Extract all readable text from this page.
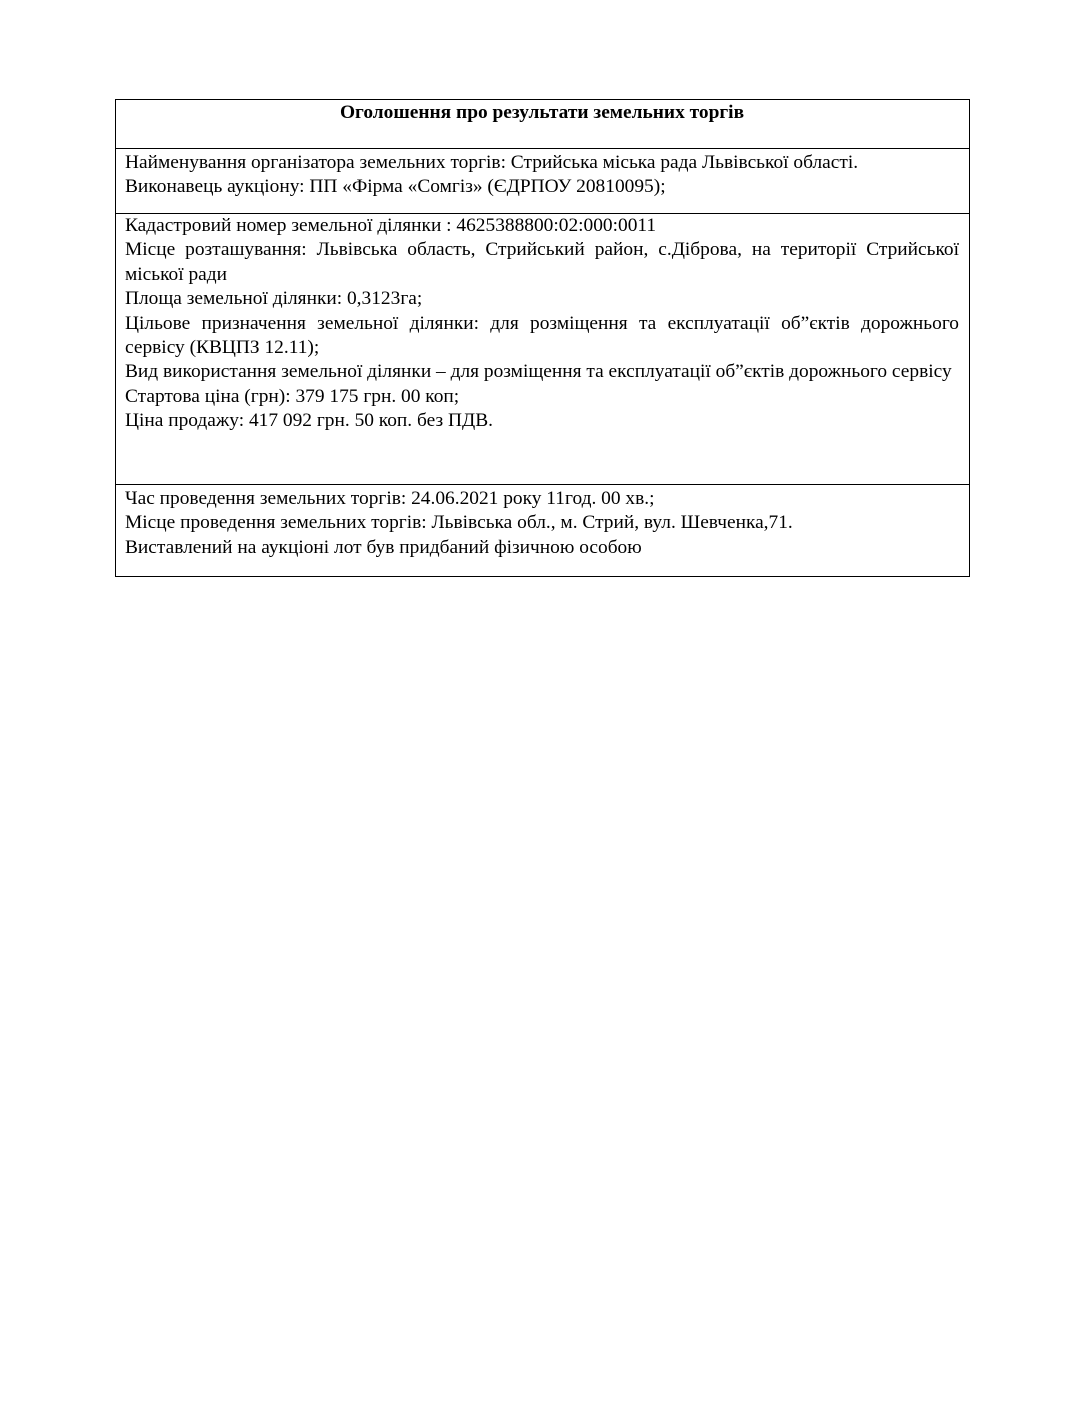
Оголошення про результати земельних торгів

Найменування організатора земельних торгів: Стрийська міська рада Львівської області.
Виконавець аукціону: ПП «Фірма «Сомгіз» (ЄДРПОУ 20810095);

Кадастровий номер земельної ділянки : 4625388800:02:000:0011
Місце розташування: Львівська область, Стрийський район, с.Діброва, на території Стрийської міської ради
Площа земельної ділянки: 0,3123га;
Цільове призначення земельної ділянки: для розміщення та експлуатації об”єктів дорожнього сервісу (КВЦПЗ 12.11);
Вид використання земельної ділянки – для розміщення та експлуатації об”єктів дорожнього сервісу
Стартова ціна (грн): 379 175 грн. 00 коп;
Ціна продажу: 417 092 грн. 50 коп. без ПДВ.

Час проведення земельних торгів: 24.06.2021 року 11год. 00 хв.;
Місце проведення земельних торгів: Львівська обл., м. Стрий, вул. Шевченка,71.
Виставлений на аукціоні лот був придбаний фізичною особою
